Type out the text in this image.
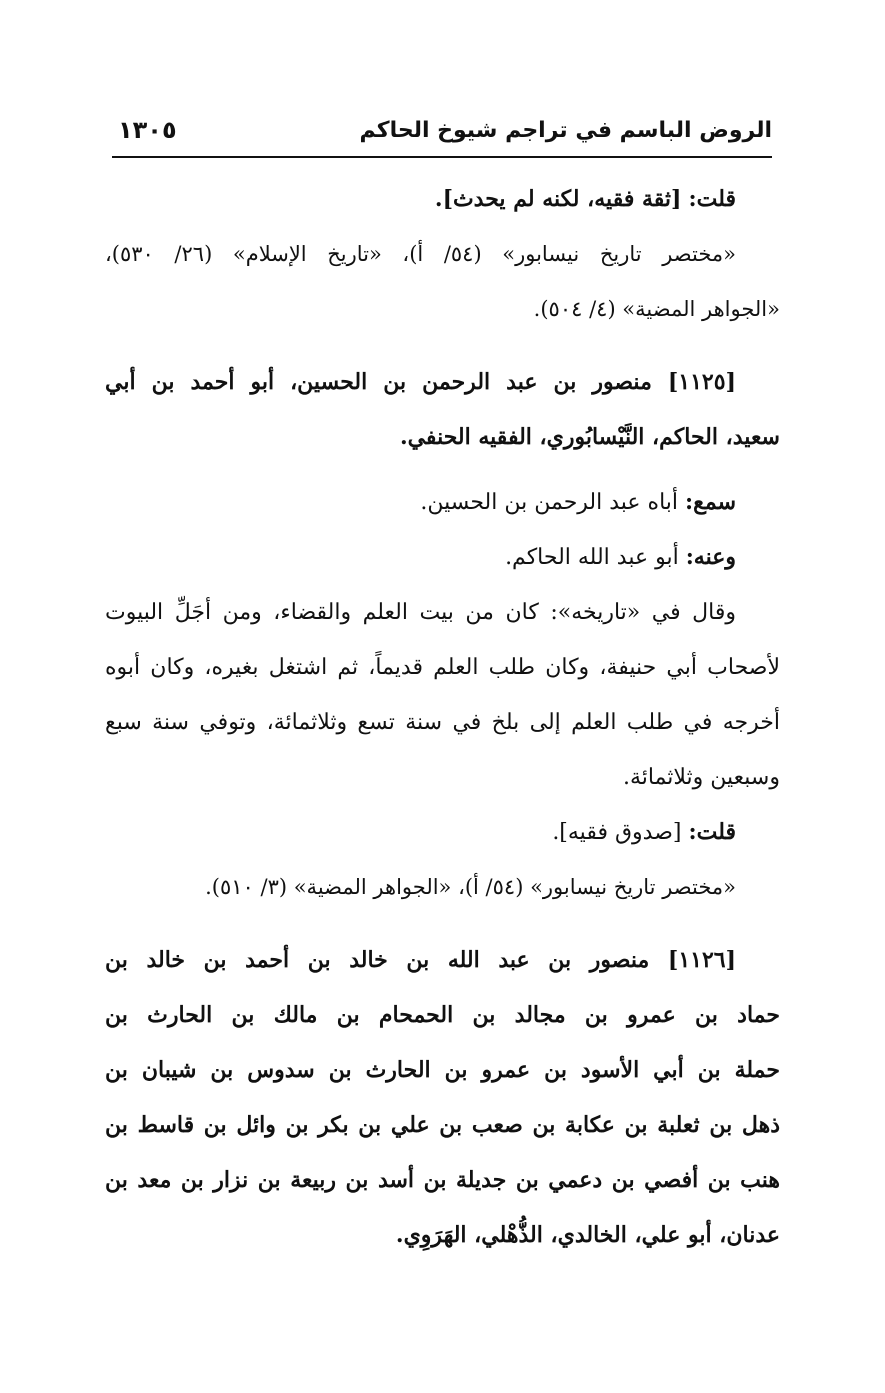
الروض الباسم في تراجم شيوخ الحاكم
١٣٠٥
قلت: [ثقة فقيه، لكنه لم يحدث].
«مختصر تاريخ نيسابور» (٥٤/ أ)، «تاريخ الإسلام» (٢٦/ ٥٣٠)،
«الجواهر المضية» (٤/ ٥٠٤).
[١١٢٥] منصور بن عبد الرحمن بن الحسين، أبو أحمد بن أبي
سعيد، الحاكم، النَّيْسابُوري، الفقيه الحنفي.
سمع: أباه عبد الرحمن بن الحسين.
وعنه: أبو عبد الله الحاكم.
وقال في «تاريخه»: كان من بيت العلم والقضاء، ومن أجَلِّ البيوت
لأصحاب أبي حنيفة، وكان طلب العلم قديماً، ثم اشتغل بغيره، وكان أبوه
أخرجه في طلب العلم إلى بلخ في سنة تسع وثلاثمائة، وتوفي سنة سبع
وسبعين وثلاثمائة.
قلت: [صدوق فقيه].
«مختصر تاريخ نيسابور» (٥٤/ أ)، «الجواهر المضية» (٣/ ٥١٠).
[١١٢٦] منصور بن عبد الله بن خالد بن أحمد بن خالد بن
حماد بن عمرو بن مجالد بن الحمحام بن مالك بن الحارث بن
حملة بن أبي الأسود بن عمرو بن الحارث بن سدوس بن شيبان بن
ذهل بن ثعلبة بن عكابة بن صعب بن علي بن بكر بن وائل بن قاسط بن
هنب بن أفصي بن دعمي بن جديلة بن أسد بن ربيعة بن نزار بن معد بن
عدنان، أبو علي، الخالدي، الذُّهْلي، الهَرَوِي.
